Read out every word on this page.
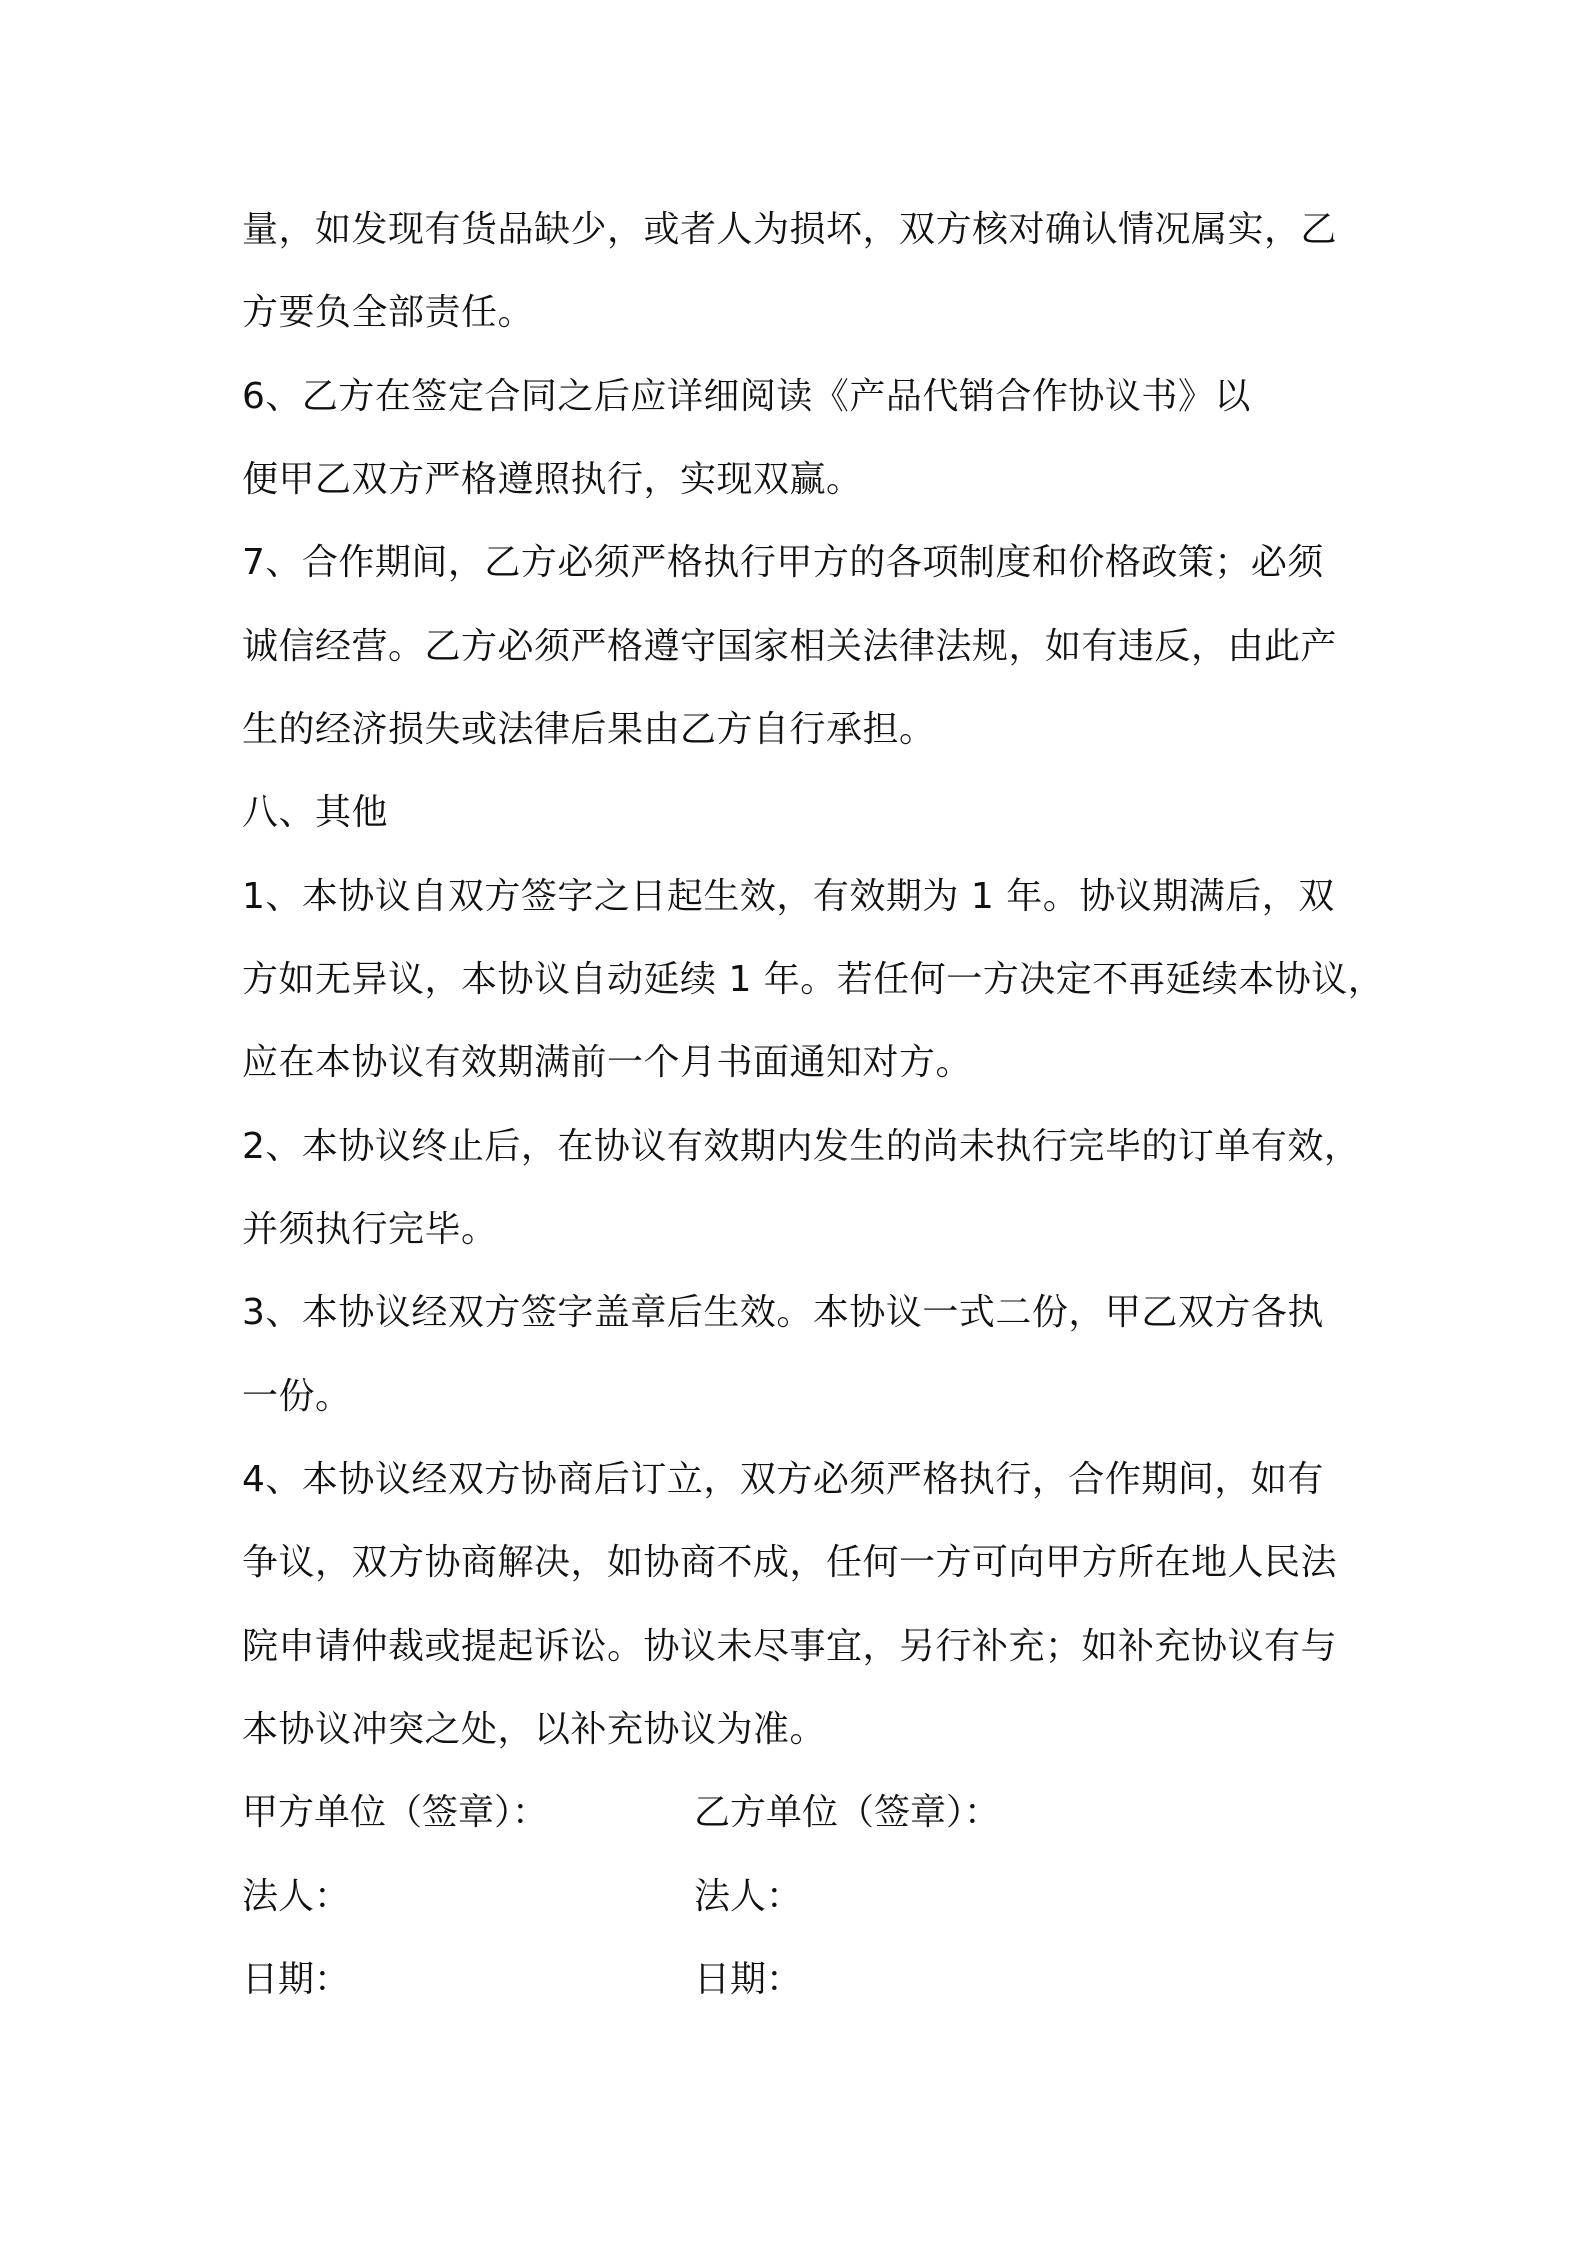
量，如发现有货品缺少，或者人为损坏，双方核对确认情况属实，乙
方要负全部责任。
6、乙方在签定合同之后应详细阅读《产品代销合作协议书》以
便甲乙双方严格遵照执行，实现双赢。
7、合作期间，乙方必须严格执行甲方的各项制度和价格政策；必须
诚信经营。乙方必须严格遵守国家相关法律法规，如有违反，由此产
生的经济损失或法律后果由乙方自行承担。
八、其他
1、本协议自双方签字之日起生效，有效期为 1 年。协议期满后，双
方如无异议，本协议自动延续 1 年。若任何一方决定不再延续本协议，
应在本协议有效期满前一个月书面通知对方。
2、本协议终止后，在协议有效期内发生的尚未执行完毕的订单有效，
并须执行完毕。
3、本协议经双方签字盖章后生效。本协议一式二份，甲乙双方各执
一份。
4、本协议经双方协商后订立，双方必须严格执行，合作期间，如有
争议，双方协商解决，如协商不成，任何一方可向甲方所在地人民法
院申请仲裁或提起诉讼。协议未尽事宜，另行补充；如补充协议有与
本协议冲突之处，以补充协议为准。
甲方单位（签章）：	乙方单位（签章）：
法人：	法人：
日期：	日期：
